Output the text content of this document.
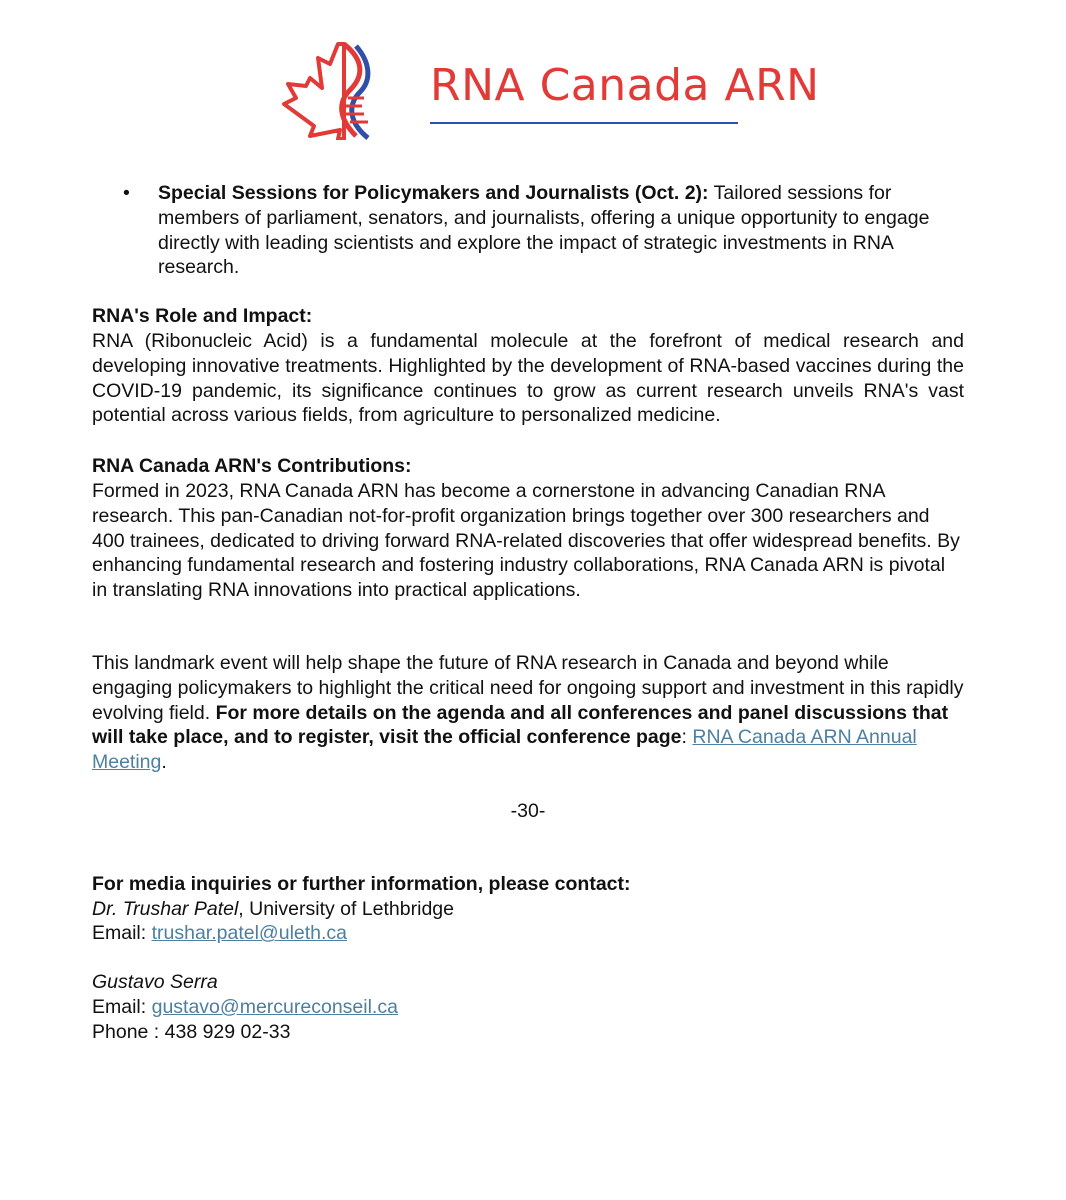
RNA Canada ARN
• Special Sessions for Policymakers and Journalists (Oct. 2): Tailored sessions for members of parliament, senators, and journalists, offering a unique opportunity to engage directly with leading scientists and explore the impact of strategic investments in RNA research.

RNA's Role and Impact:

RNA (Ribonucleic Acid) is a fundamental molecule at the forefront of medical research and developing innovative treatments. Highlighted by the development of RNA-based vaccines during the COVID-19 pandemic, its significance continues to grow as current research unveils RNA's vast potential across various fields, from agriculture to personalized medicine.

RNA Canada ARN's Contributions:

Formed in 2023, RNA Canada ARN has become a cornerstone in advancing Canadian RNA research. This pan-Canadian not-for-profit organization brings together over 300 researchers and 400 trainees, dedicated to driving forward RNA-related discoveries that offer widespread benefits. By enhancing fundamental research and fostering industry collaborations, RNA Canada ARN is pivotal in translating RNA innovations into practical applications.

This landmark event will help shape the future of RNA research in Canada and beyond while engaging policymakers to highlight the critical need for ongoing support and investment in this rapidly evolving field. For more details on the agenda and all conferences and panel discussions that will take place, and to register, visit the official conference page: RNA Canada ARN Annual Meeting.

-30-

For media inquiries or further information, please contact:

Dr. Trushar Patel, University of Lethbridge

Email: trushar.patel@uleth.ca

Gustavo Serra

Email: gustavo@mercureconseil.ca

Phone : 438 929 02-33
